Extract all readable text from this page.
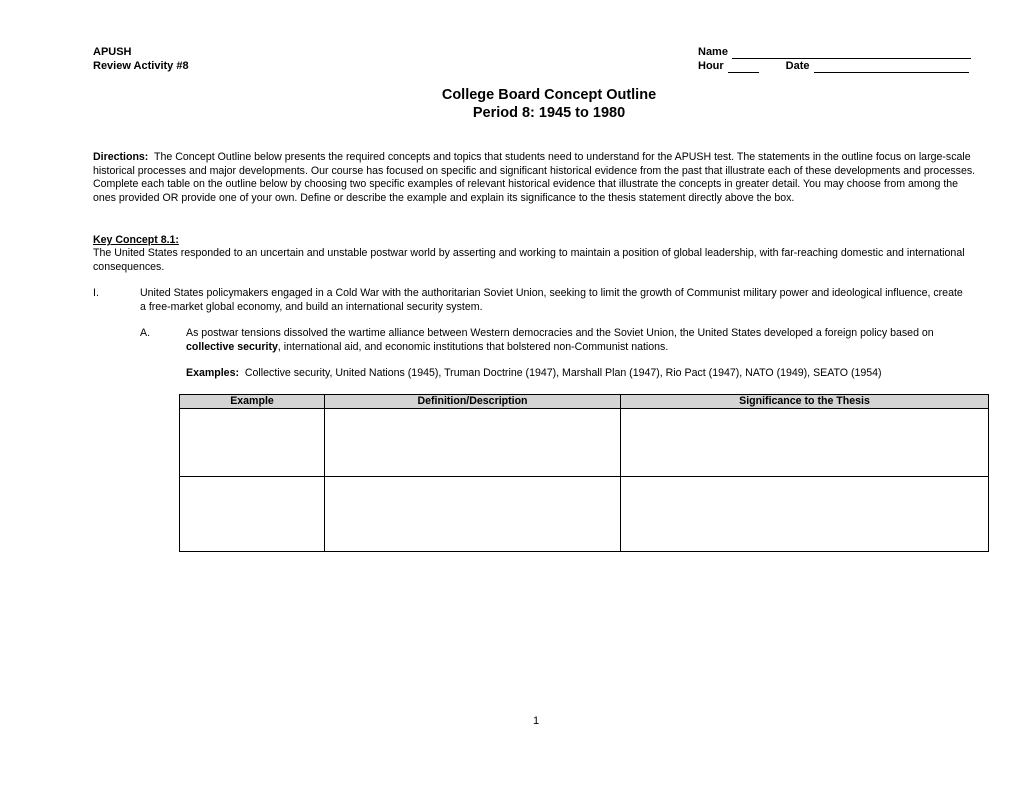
APUSH
Review Activity #8
Name
Hour	Date
College Board Concept Outline
Period 8: 1945 to 1980
Directions: The Concept Outline below presents the required concepts and topics that students need to understand for the APUSH test. The statements in the outline focus on large-scale historical processes and major developments. Our course has focused on specific and significant historical evidence from the past that illustrate each of these developments and processes. Complete each table on the outline below by choosing two specific examples of relevant historical evidence that illustrate the concepts in greater detail. You may choose from among the ones provided OR provide one of your own. Define or describe the example and explain its significance to the thesis statement directly above the box.
Key Concept 8.1:
The United States responded to an uncertain and unstable postwar world by asserting and working to maintain a position of global leadership, with far-reaching domestic and international consequences.
I.	United States policymakers engaged in a Cold War with the authoritarian Soviet Union, seeking to limit the growth of Communist military power and ideological influence, create a free-market global economy, and build an international security system.
A.	As postwar tensions dissolved the wartime alliance between Western democracies and the Soviet Union, the United States developed a foreign policy based on collective security, international aid, and economic institutions that bolstered non-Communist nations.
Examples: Collective security, United Nations (1945), Truman Doctrine (1947), Marshall Plan (1947), Rio Pact (1947), NATO (1949), SEATO (1954)
Example	Definition/Description	Significance to the Thesis

1
